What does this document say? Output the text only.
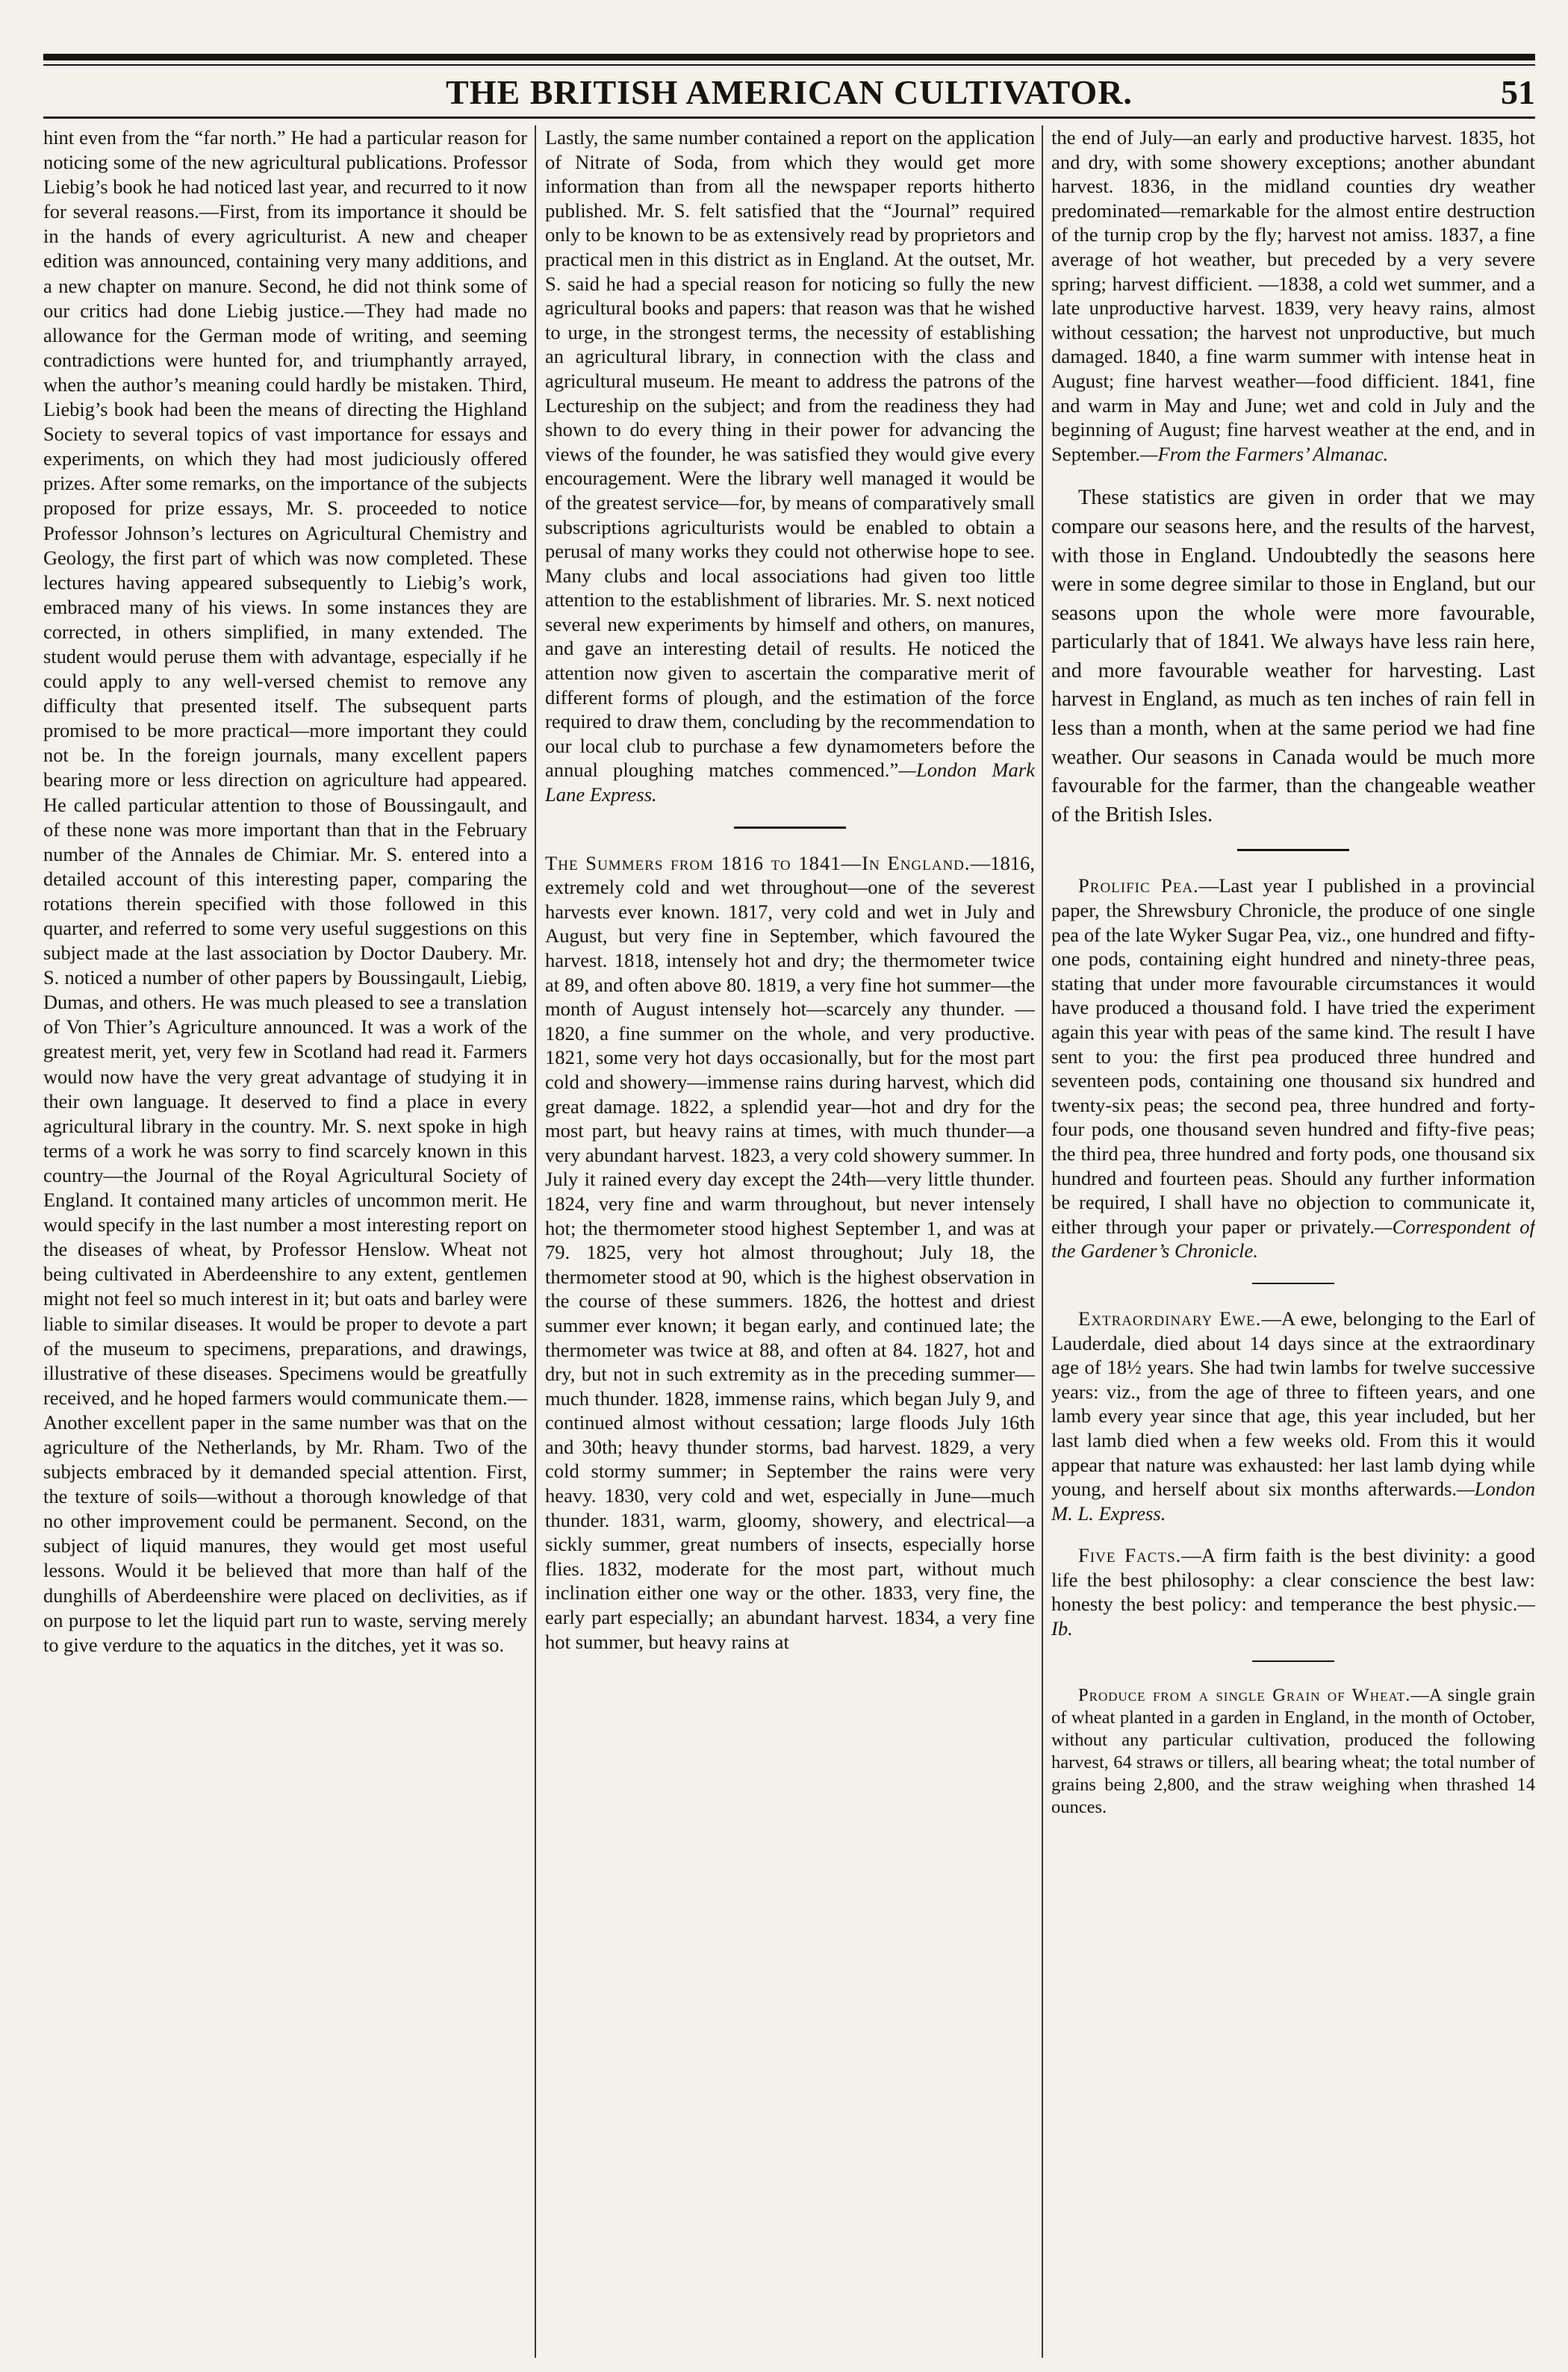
THE BRITISH AMERICAN CULTIVATOR.	51

hint even from the “far north.” He had a particular reason for noticing some of the new agricultural publications. Professor Liebig’s book he had noticed last year, and recurred to it now for several reasons.—First, from its importance it should be in the hands of every agriculturist. A new and cheaper edition was announced, containing very many additions, and a new chapter on manure. Second, he did not think some of our critics had done Liebig justice.—They had made no allowance for the German mode of writing, and seeming contradictions were hunted for, and triumphantly arrayed, when the author’s meaning could hardly be mistaken. Third, Liebig’s book had been the means of directing the Highland Society to several topics of vast importance for essays and experiments, on which they had most judiciously offered prizes. After some remarks, on the importance of the subjects proposed for prize essays, Mr. S. proceeded to notice Professor Johnson’s lectures on Agricultural Chemistry and Geology, the first part of which was now completed. These lectures having appeared subsequently to Liebig’s work, embraced many of his views. In some instances they are corrected, in others simplified, in many extended. The student would peruse them with advantage, especially if he could apply to any well-versed chemist to remove any difficulty that presented itself. The subsequent parts promised to be more practical—more important they could not be. In the foreign journals, many excellent papers bearing more or less direction on agriculture had appeared. He called particular attention to those of Boussingault, and of these none was more important than that in the February number of the Annales de Chimiar. Mr. S. entered into a detailed account of this interesting paper, comparing the rotations therein specified with those followed in this quarter, and referred to some very useful suggestions on this subject made at the last association by Doctor Daubery. Mr. S. noticed a number of other papers by Boussingault, Liebig, Dumas, and others. He was much pleased to see a translation of Von Thier’s Agriculture announced. It was a work of the greatest merit, yet, very few in Scotland had read it. Farmers would now have the very great advantage of studying it in their own language. It deserved to find a place in every agricultural library in the country. Mr. S. next spoke in high terms of a work he was sorry to find scarcely known in this country—the Journal of the Royal Agricultural Society of England. It contained many articles of uncommon merit. He would specify in the last number a most interesting report on the diseases of wheat, by Professor Henslow. Wheat not being cultivated in Aberdeenshire to any extent, gentlemen might not feel so much interest in it; but oats and barley were liable to similar diseases. It would be proper to devote a part of the museum to specimens, preparations, and drawings, illustrative of these diseases. Specimens would be greatfully received, and he hoped farmers would communicate them.—Another excellent paper in the same number was that on the agriculture of the Netherlands, by Mr. Rham. Two of the subjects embraced by it demanded special attention. First, the texture of soils—without a thorough knowledge of that no other improvement could be permanent. Second, on the subject of liquid manures, they would get most useful lessons. Would it be believed that more than half of the dunghills of Aberdeenshire were placed on declivities, as if on purpose to let the liquid part run to waste, serving merely to give verdure to the aquatics in the ditches, yet it was so.

Lastly, the same number contained a report on the application of Nitrate of Soda, from which they would get more information than from all the newspaper reports hitherto published. Mr. S. felt satisfied that the “Journal” required only to be known to be as extensively read by proprietors and practical men in this district as in England. At the outset, Mr. S. said he had a special reason for noticing so fully the new agricultural books and papers: that reason was that he wished to urge, in the strongest terms, the necessity of establishing an agricultural library, in connection with the class and agricultural museum. He meant to address the patrons of the Lectureship on the subject; and from the readiness they had shown to do every thing in their power for advancing the views of the founder, he was satisfied they would give every encouragement. Were the library well managed it would be of the greatest service—for, by means of comparatively small subscriptions agriculturists would be enabled to obtain a perusal of many works they could not otherwise hope to see. Many clubs and local associations had given too little attention to the establishment of libraries. Mr. S. next noticed several new experiments by himself and others, on manures, and gave an interesting detail of results. He noticed the attention now given to ascertain the comparative merit of different forms of plough, and the estimation of the force required to draw them, concluding by the recommendation to our local club to purchase a few dynamometers before the annual ploughing matches commenced.”—London Mark Lane Express.

The Summers from 1816 to 1841—In England.—1816, extremely cold and wet throughout—one of the severest harvests ever known. 1817, very cold and wet in July and August, but very fine in September, which favoured the harvest. 1818, intensely hot and dry; the thermometer twice at 89, and often above 80. 1819, a very fine hot summer—the month of August intensely hot—scarcely any thunder. —1820, a fine summer on the whole, and very productive. 1821, some very hot days occasionally, but for the most part cold and showery—immense rains during harvest, which did great damage. 1822, a splendid year—hot and dry for the most part, but heavy rains at times, with much thunder—a very abundant harvest. 1823, a very cold showery summer. In July it rained every day except the 24th—very little thunder. 1824, very fine and warm throughout, but never intensely hot; the thermometer stood highest September 1, and was at 79. 1825, very hot almost throughout; July 18, the thermometer stood at 90, which is the highest observation in the course of these summers. 1826, the hottest and driest summer ever known; it began early, and continued late; the thermometer was twice at 88, and often at 84. 1827, hot and dry, but not in such extremity as in the preceding summer—much thunder. 1828, immense rains, which began July 9, and continued almost without cessation; large floods July 16th and 30th; heavy thunder storms, bad harvest. 1829, a very cold stormy summer; in September the rains were very heavy. 1830, very cold and wet, especially in June—much thunder. 1831, warm, gloomy, showery, and electrical—a sickly summer, great numbers of insects, especially horse flies. 1832, moderate for the most part, without much inclination either one way or the other. 1833, very fine, the early part especially; an abundant harvest. 1834, a very fine hot summer, but heavy rains at

the end of July—an early and productive harvest. 1835, hot and dry, with some showery exceptions; another abundant harvest. 1836, in the midland counties dry weather predominated—remarkable for the almost entire destruction of the turnip crop by the fly; harvest not amiss. 1837, a fine average of hot weather, but preceded by a very severe spring; harvest difficient. —1838, a cold wet summer, and a late unproductive harvest. 1839, very heavy rains, almost without cessation; the harvest not unproductive, but much damaged. 1840, a fine warm summer with intense heat in August; fine harvest weather—food difficient. 1841, fine and warm in May and June; wet and cold in July and the beginning of August; fine harvest weather at the end, and in September.—From the Farmers’ Almanac.

These statistics are given in order that we may compare our seasons here, and the results of the harvest, with those in England. Undoubtedly the seasons here were in some degree similar to those in England, but our seasons upon the whole were more favourable, particularly that of 1841. We always have less rain here, and more favourable weather for harvesting. Last harvest in England, as much as ten inches of rain fell in less than a month, when at the same period we had fine weather. Our seasons in Canada would be much more favourable for the farmer, than the changeable weather of the British Isles.

Prolific Pea.—Last year I published in a provincial paper, the Shrewsbury Chronicle, the produce of one single pea of the late Wyker Sugar Pea, viz., one hundred and fifty-one pods, containing eight hundred and ninety-three peas, stating that under more favourable circumstances it would have produced a thousand fold. I have tried the experiment again this year with peas of the same kind. The result I have sent to you: the first pea produced three hundred and seventeen pods, containing one thousand six hundred and twenty-six peas; the second pea, three hundred and forty-four pods, one thousand seven hundred and fifty-five peas; the third pea, three hundred and forty pods, one thousand six hundred and fourteen peas. Should any further information be required, I shall have no objection to communicate it, either through your paper or privately.—Correspondent of the Gardener’s Chronicle.

Extraordinary Ewe.—A ewe, belonging to the Earl of Lauderdale, died about 14 days since at the extraordinary age of 18½ years. She had twin lambs for twelve successive years: viz., from the age of three to fifteen years, and one lamb every year since that age, this year included, but her last lamb died when a few weeks old. From this it would appear that nature was exhausted: her last lamb dying while young, and herself about six months afterwards.—London M. L. Express.

Five Facts.—A firm faith is the best divinity: a good life the best philosophy: a clear conscience the best law: honesty the best policy: and temperance the best physic.—Ib.

Produce from a single Grain of Wheat.—A single grain of wheat planted in a garden in England, in the month of October, without any particular cultivation, produced the following harvest, 64 straws or tillers, all bearing wheat; the total number of grains being 2,800, and the straw weighing when thrashed 14 ounces.
